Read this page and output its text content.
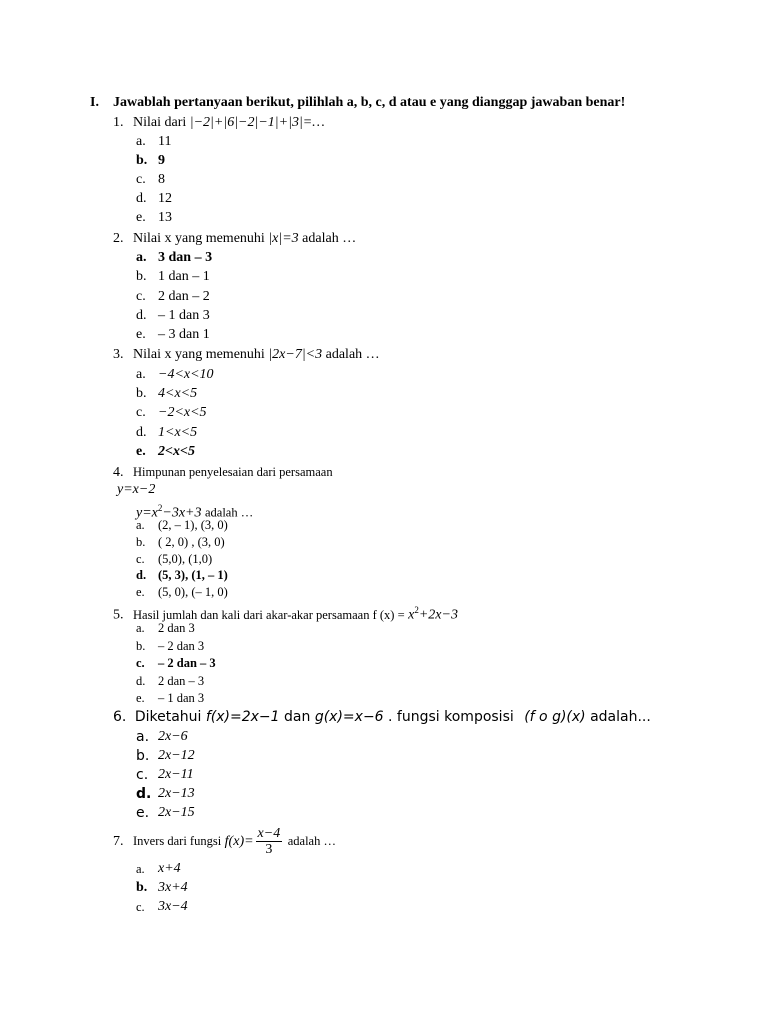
I. Jawablah pertanyaan berikut, pilihlah a, b, c, d atau e yang dianggap jawaban benar!
1. Nilai dari |−2|+|6|−2|−1|+|3|=…
a. 11
b. 9
c. 8
d. 12
e. 13
2. Nilai x yang memenuhi |x|=3 adalah …
a. 3 dan – 3
b. 1 dan – 1
c. 2 dan – 2
d. – 1 dan 3
e. – 3 dan 1
3. Nilai x yang memenuhi |2x−7|<3 adalah …
a. −4<x<10
b. 4<x<5
c. −2<x<5
d. 1<x<5
e. 2<x<5
4. Himpunan penyelesaian dari persamaan
y=x−2
$y=x^2-3x+3$ adalah …
a. (2, – 1), (3, 0)
b. ( 2, 0) , (3, 0)
c. (5,0), (1,0)
d. (5, 3), (1, – 1)
e. (5, 0), (– 1, 0)
5. Hasil jumlah dan kali dari akar-akar persamaan f $(x) = x^2+2x-3$
a. 2 dan 3
b. – 2 dan 3
c. – 2 dan – 3
d. 2 dan – 3
e. – 1 dan 3
6. Diketahui f(x)=2x−1 dan g(x)=x−6 . fungsi komposisi (f o g)(x) adalah...
a. 2x−6
b. 2x−12
c. 2x−11
d. 2x−13
e. 2x−15
7. Invers dari fungsi $f(x)= \frac{x-4}{3}$ adalah …
a. x+4
b. 3x+4
c. 3x−4
